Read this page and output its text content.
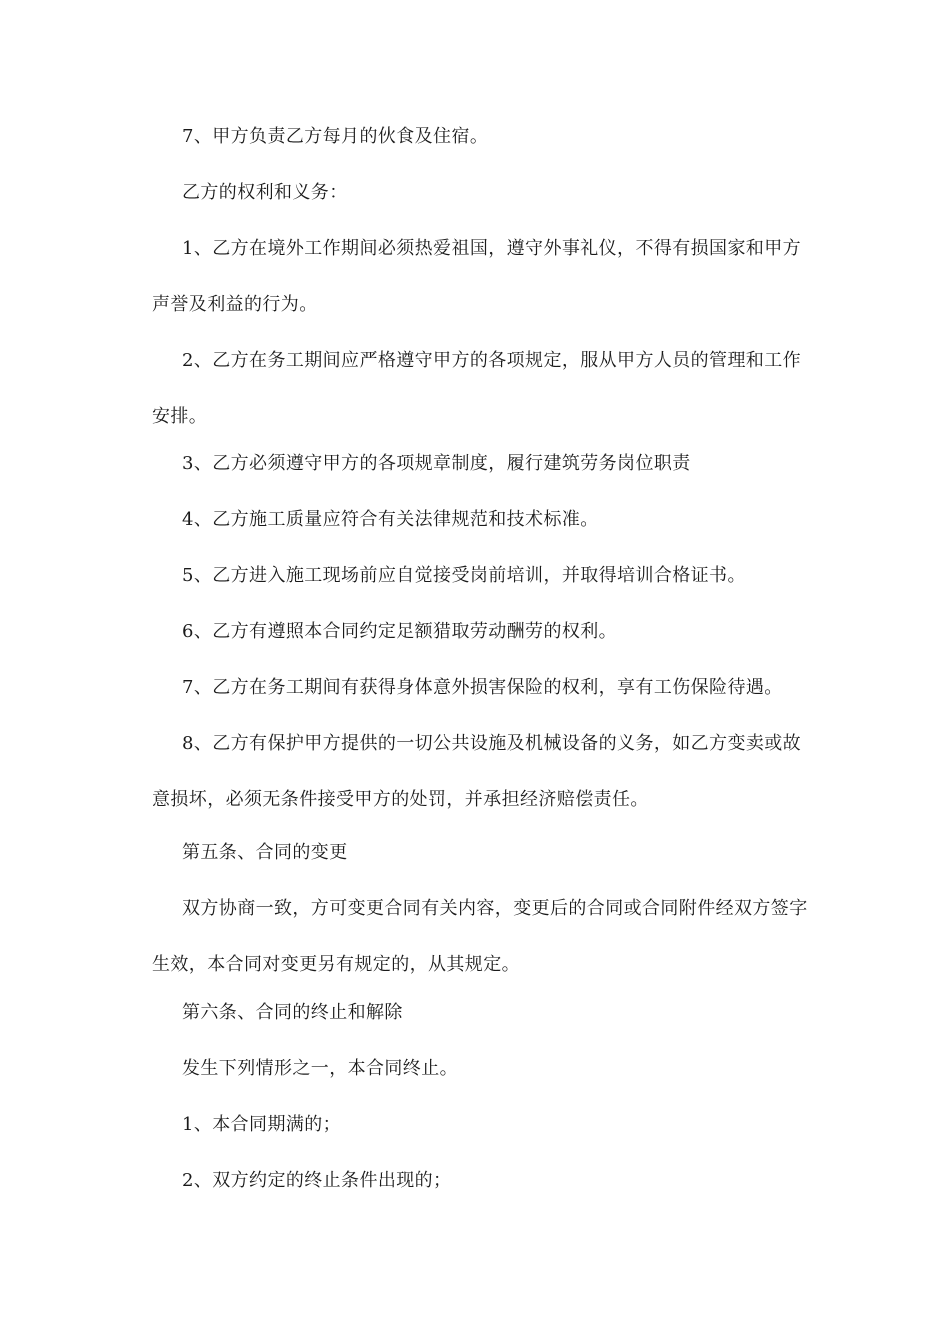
7、甲方负责乙方每月的伙食及住宿。

乙方的权利和义务：

1、乙方在境外工作期间必须热爱祖国，遵守外事礼仪，不得有损国家和甲方声誉及利益的行为。

2、乙方在务工期间应严格遵守甲方的各项规定，服从甲方人员的管理和工作安排。

3、乙方必须遵守甲方的各项规章制度，履行建筑劳务岗位职责

4、乙方施工质量应符合有关法律规范和技术标准。

5、乙方进入施工现场前应自觉接受岗前培训，并取得培训合格证书。

6、乙方有遵照本合同约定足额猎取劳动酬劳的权利。

7、乙方在务工期间有获得身体意外损害保险的权利，享有工伤保险待遇。

8、乙方有保护甲方提供的一切公共设施及机械设备的义务，如乙方变卖或故意损坏，必须无条件接受甲方的处罚，并承担经济赔偿责任。

第五条、合同的变更

双方协商一致，方可变更合同有关内容，变更后的合同或合同附件经双方签字生效，本合同对变更另有规定的，从其规定。

第六条、合同的终止和解除

发生下列情形之一，本合同终止。

1、本合同期满的；

2、双方约定的终止条件出现的；
